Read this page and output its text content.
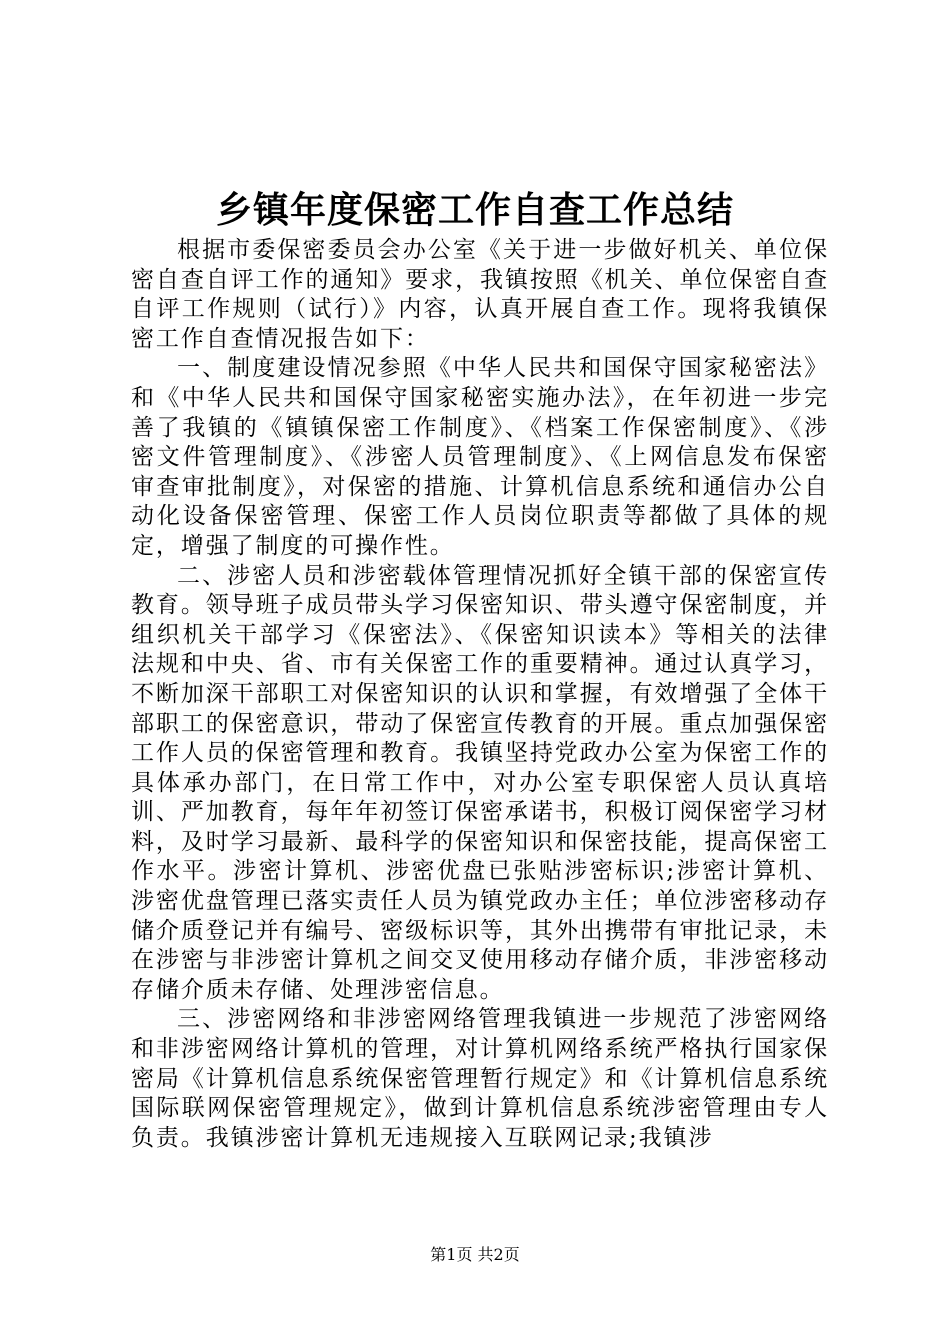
乡镇年度保密工作自查工作总结

根据市委保密委员会办公室《关于进一步做好机关、单位保密自查自评工作的通知》要求，我镇按照《机关、单位保密自查自评工作规则（试行）》内容，认真开展自查工作。现将我镇保密工作自查情况报告如下：

一、制度建设情况参照《中华人民共和国保守国家秘密法》和《中华人民共和国保守国家秘密实施办法》，在年初进一步完善了我镇的《镇镇保密工作制度》、《档案工作保密制度》、《涉密文件管理制度》、《涉密人员管理制度》、《上网信息发布保密审查审批制度》，对保密的措施、计算机信息系统和通信办公自动化设备保密管理、保密工作人员岗位职责等都做了具体的规定，增强了制度的可操作性。

二、涉密人员和涉密载体管理情况抓好全镇干部的保密宣传教育。领导班子成员带头学习保密知识、带头遵守保密制度，并组织机关干部学习《保密法》、《保密知识读本》等相关的法律法规和中央、省、市有关保密工作的重要精神。通过认真学习，不断加深干部职工对保密知识的认识和掌握，有效增强了全体干部职工的保密意识，带动了保密宣传教育的开展。重点加强保密工作人员的保密管理和教育。我镇坚持党政办公室为保密工作的具体承办部门，在日常工作中，对办公室专职保密人员认真培训、严加教育，每年年初签订保密承诺书，积极订阅保密学习材料，及时学习最新、最科学的保密知识和保密技能，提高保密工作水平。涉密计算机、涉密优盘已张贴涉密标识;涉密计算机、涉密优盘管理已落实责任人员为镇党政办主任；单位涉密移动存储介质登记并有编号、密级标识等，其外出携带有审批记录，未在涉密与非涉密计算机之间交叉使用移动存储介质，非涉密移动存储介质未存储、处理涉密信息。

三、涉密网络和非涉密网络管理我镇进一步规范了涉密网络和非涉密网络计算机的管理，对计算机网络系统严格执行国家保密局《计算机信息系统保密管理暂行规定》和《计算机信息系统国际联网保密管理规定》，做到计算机信息系统涉密管理由专人负责。我镇涉密计算机无违规接入互联网记录;我镇涉

第1页 共2页
